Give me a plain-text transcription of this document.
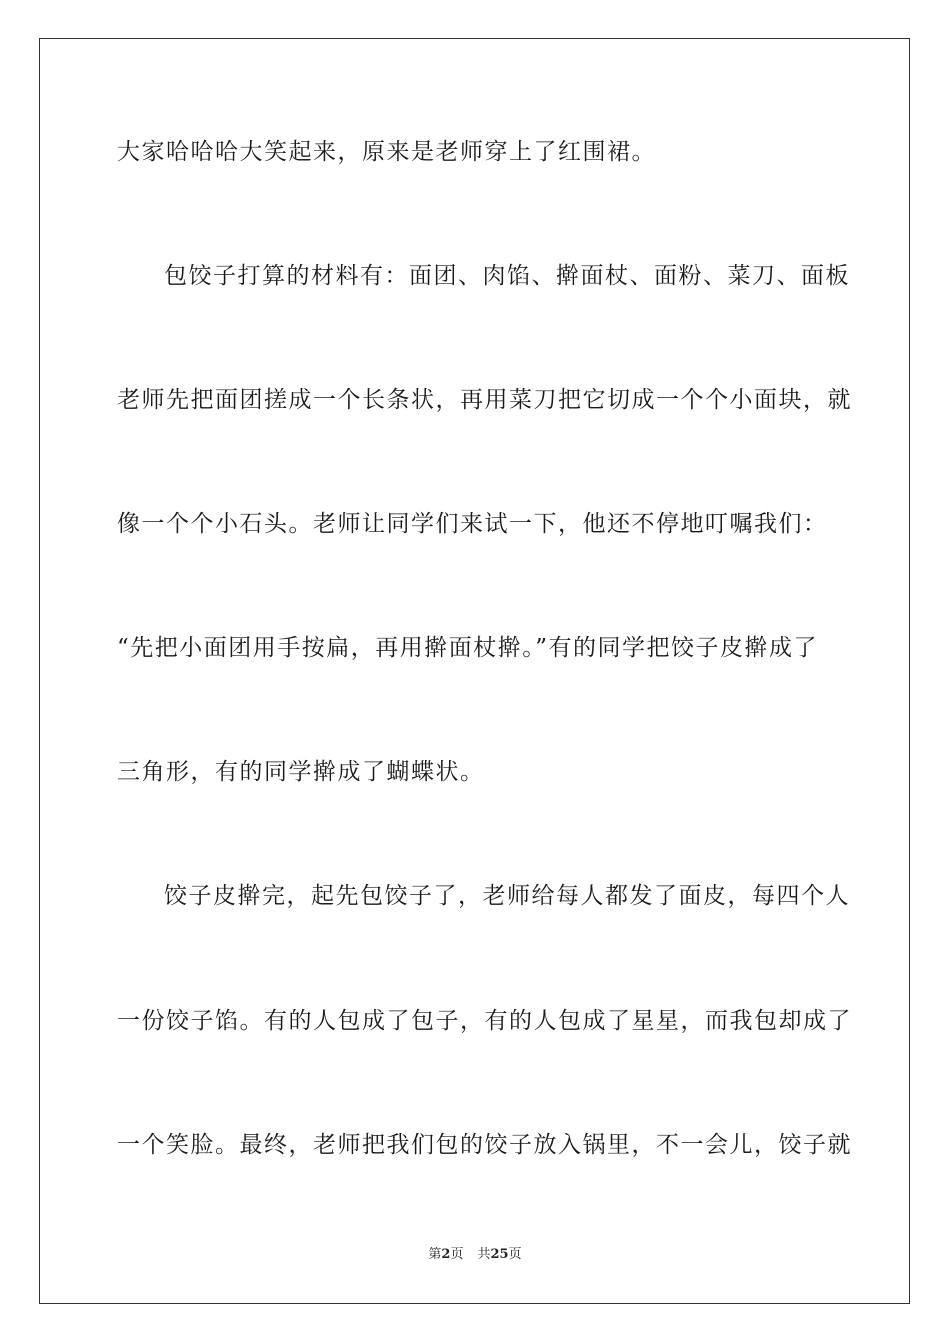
大家哈哈哈大笑起来，原来是老师穿上了红围裙。
包饺子打算的材料有：面团、肉馅、擀面杖、面粉、菜刀、面板
老师先把面团搓成一个长条状，再用菜刀把它切成一个个小面块，就
像一个个小石头。老师让同学们来试一下，他还不停地叮嘱我们：
“先把小面团用手按扁，再用擀面杖擀。”有的同学把饺子皮擀成了
三角形，有的同学擀成了蝴蝶状。
饺子皮擀完，起先包饺子了，老师给每人都发了面皮，每四个人
一份饺子馅。有的人包成了包子，有的人包成了星星，而我包却成了
一个笑脸。最终，老师把我们包的饺子放入锅里，不一会儿，饺子就
第2页 共25页
